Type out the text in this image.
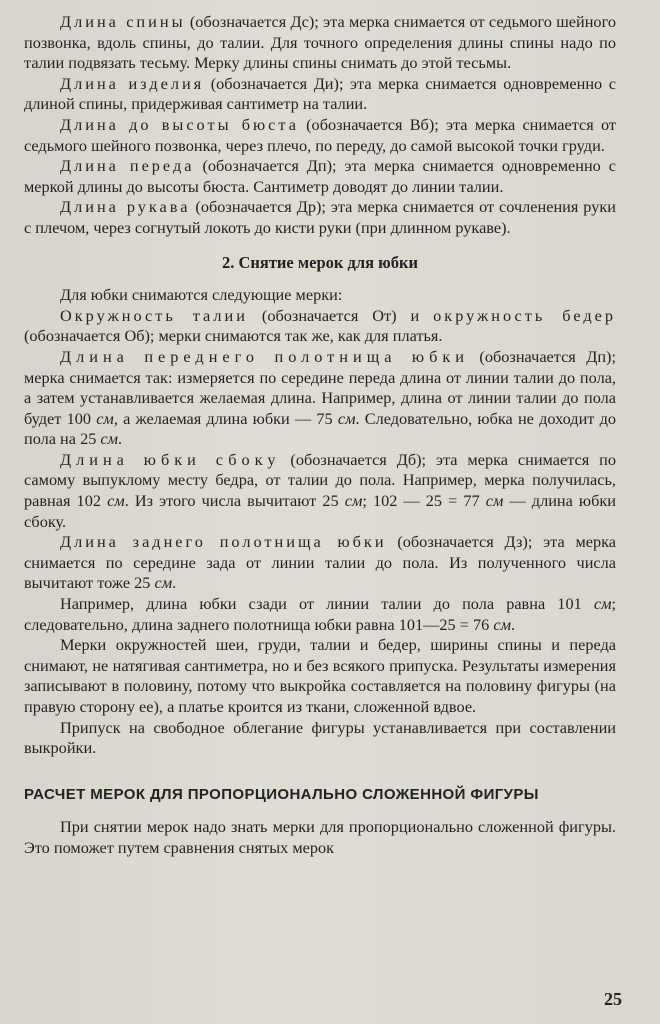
Длина спины (обозначается Дс); эта мерка снимается от седьмого шейного позвонка, вдоль спины, до талии. Для точного определения длины спины надо по талии подвязать тесьму. Мерку длины спины снимать до этой тесьмы.

Длина изделия (обозначается Ди); эта мерка снимается одновременно с длиной спины, придерживая сантиметр на талии.

Длина до высоты бюста (обозначается Вб); эта мерка снимается от седьмого шейного позвонка, через плечо, по переду, до самой высокой точки груди.

Длина переда (обозначается Дп); эта мерка снимается одновременно с меркой длины до высоты бюста. Сантиметр доводят до линии талии.

Длина рукава (обозначается Др); эта мерка снимается от сочленения руки с плечом, через согнутый локоть до кисти руки (при длинном рукаве).

2. Снятие мерок для юбки

Для юбки снимаются следующие мерки:

Окружность талии (обозначается От) и окружность бедер (обозначается Об); мерки снимаются так же, как для платья.

Длина переднего полотнища юбки (обозначается Дп); мерка снимается так: измеряется по середине переда длина от линии талии до пола, а затем устанавливается желаемая длина. Например, длина от линии талии до пола будет 100 см, а желаемая длина юбки — 75 см. Следовательно, юбка не доходит до пола на 25 см.

Длина юбки сбоку (обозначается Дб); эта мерка снимается по самому выпуклому месту бедра, от талии до пола. Например, мерка получилась, равная 102 см. Из этого числа вычитают 25 см; 102 — 25 = 77 см — длина юбки сбоку.

Длина заднего полотнища юбки (обозначается Дз); эта мерка снимается по середине зада от линии талии до пола. Из полученного числа вычитают тоже 25 см.

Например, длина юбки сзади от линии талии до пола равна 101 см; следовательно, длина заднего полотнища юбки равна 101—25 = 76 см.

Мерки окружностей шеи, груди, талии и бедер, ширины спины и переда снимают, не натягивая сантиметра, но и без всякого припуска. Результаты измерения записывают в половину, потому что выкройка составляется на половину фигуры (на правую сторону ее), а платье кроится из ткани, сложенной вдвое.

Припуск на свободное облегание фигуры устанавливается при составлении выкройки.

РАСЧЕТ МЕРОК ДЛЯ ПРОПОРЦИОНАЛЬНО СЛОЖЕННОЙ ФИГУРЫ

При снятии мерок надо знать мерки для пропорционально сложенной фигуры. Это поможет путем сравнения снятых мерок

25
